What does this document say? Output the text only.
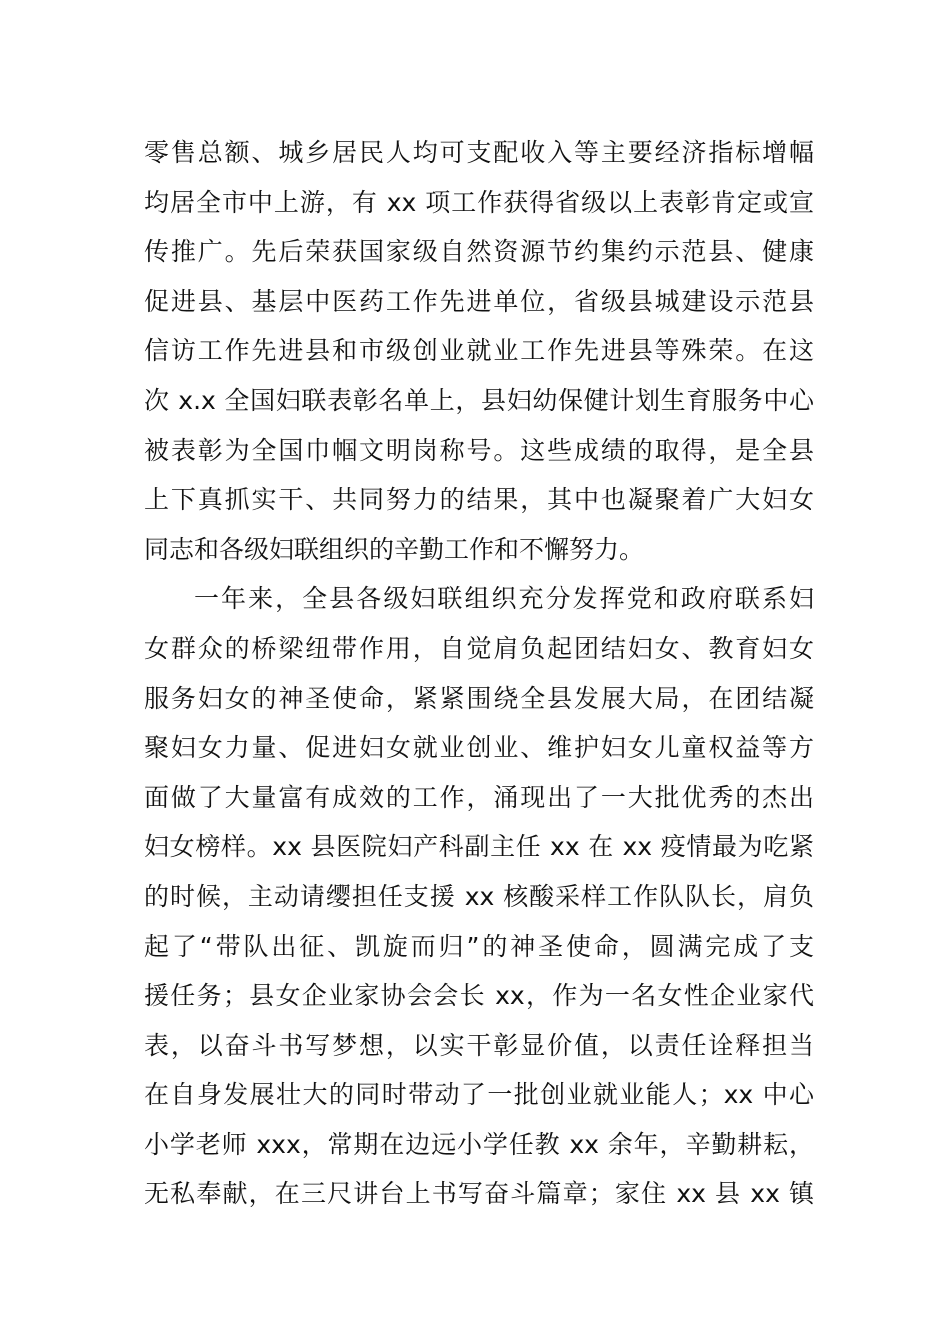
零售总额、城乡居民人均可支配收入等主要经济指标增幅
均居全市中上游，有 xx 项工作获得省级以上表彰肯定或宣
传推广。先后荣获国家级自然资源节约集约示范县、健康
促进县、基层中医药工作先进单位，省级县城建设示范县
信访工作先进县和市级创业就业工作先进县等殊荣。在这
次 x.x 全国妇联表彰名单上，县妇幼保健计划生育服务中心
被表彰为全国巾帼文明岗称号。这些成绩的取得，是全县
上下真抓实干、共同努力的结果，其中也凝聚着广大妇女
同志和各级妇联组织的辛勤工作和不懈努力。
一年来，全县各级妇联组织充分发挥党和政府联系妇
女群众的桥梁纽带作用，自觉肩负起团结妇女、教育妇女
服务妇女的神圣使命，紧紧围绕全县发展大局，在团结凝
聚妇女力量、促进妇女就业创业、维护妇女儿童权益等方
面做了大量富有成效的工作，涌现出了一大批优秀的杰出
妇女榜样。xx 县医院妇产科副主任 xx 在 xx 疫情最为吃紧
的时候，主动请缨担任支援 xx 核酸采样工作队队长，肩负
起了“带队出征、凯旋而归”的神圣使命，圆满完成了支
援任务；县女企业家协会会长 xx，作为一名女性企业家代
表，以奋斗书写梦想，以实干彰显价值，以责任诠释担当
在自身发展壮大的同时带动了一批创业就业能人；xx 中心
小学老师 xxx，常期在边远小学任教 xx 余年，辛勤耕耘，
无私奉献，在三尺讲台上书写奋斗篇章；家住 xx 县 xx 镇
